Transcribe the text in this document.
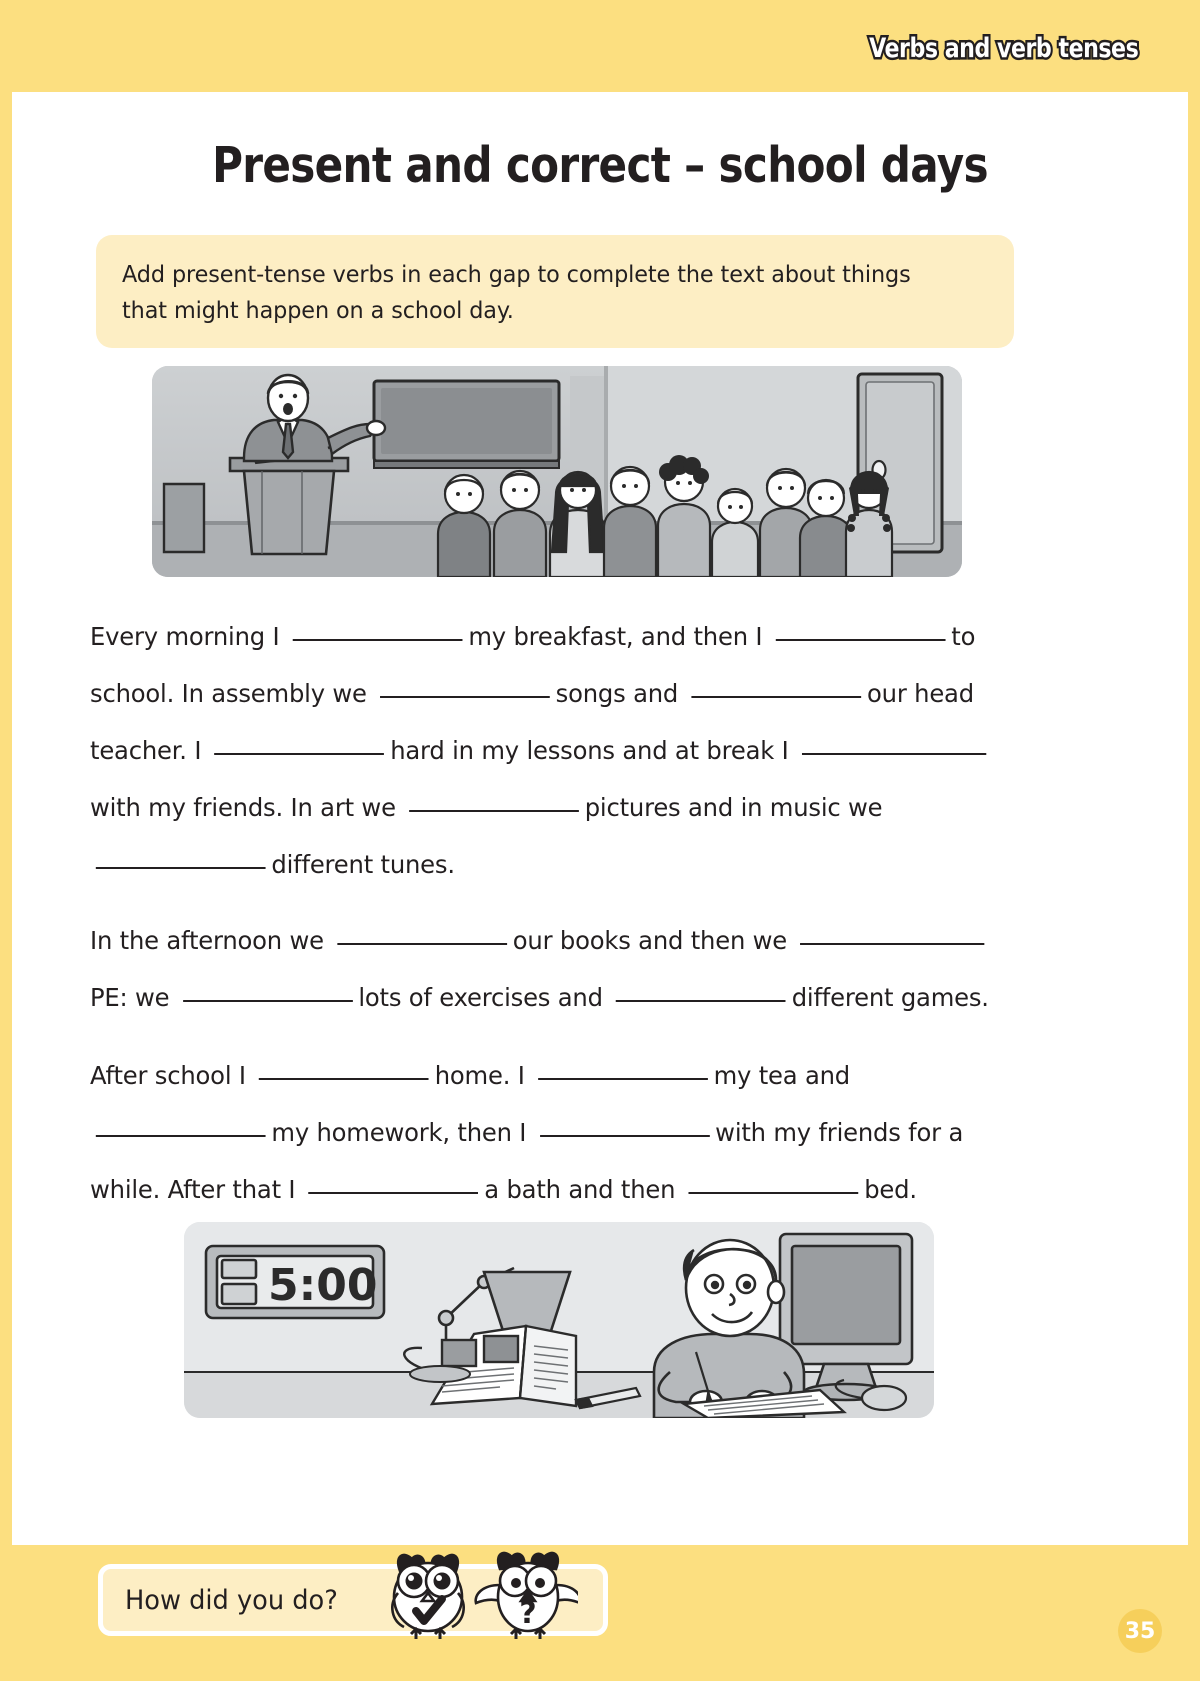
Verbs and verb tenses
Present and correct – school days
Add present-tense verbs in each gap to complete the text about things that might happen on a school day.
Every morning I	my breakfast, and then I	to
school. In assembly we	songs and	our head
teacher. I	hard in my lessons and at break I
with my friends. In art we	pictures and in music we
different tunes.
In the afternoon we	our books and then we
PE: we	lots of exercises and	different games.
After school I	home. I	my tea and
my homework, then I	with my friends for a
while. After that I	a bath and then	bed.
5:00
How did you do?	?	35
